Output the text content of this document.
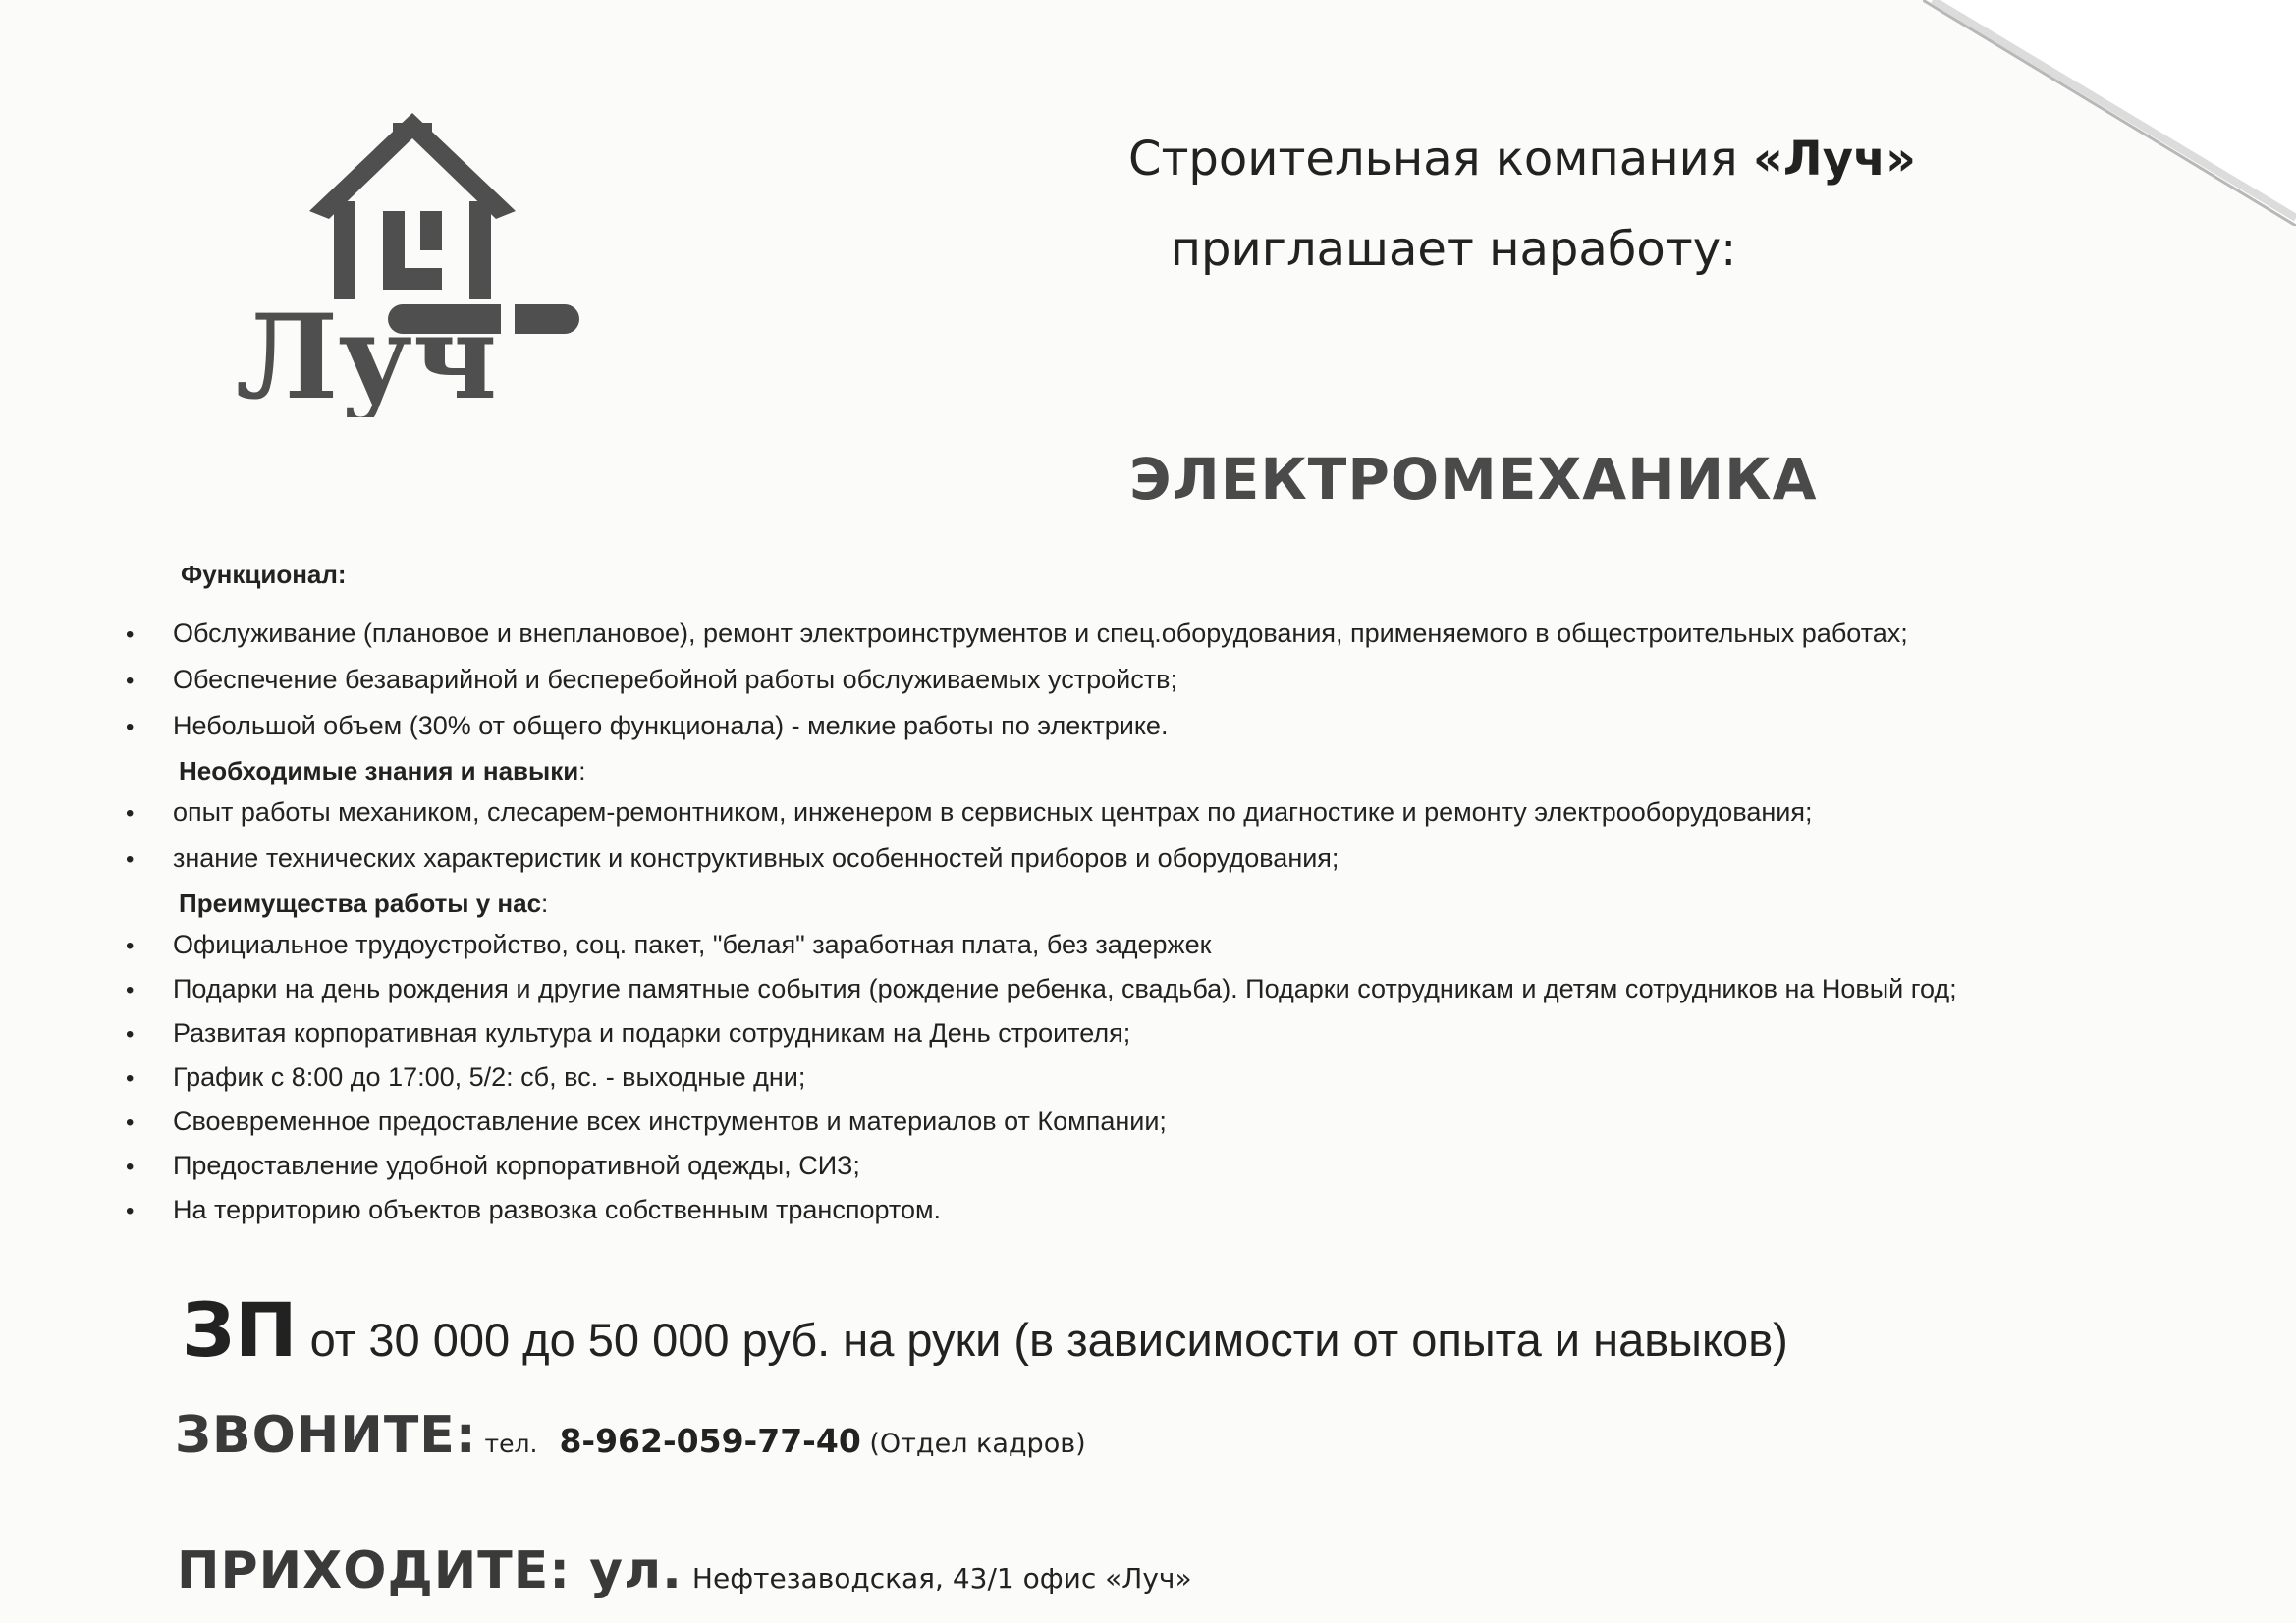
Луч
Строительная компания «Луч»
приглашает наработу:
ЭЛЕКТРОМЕХАНИКА
Функционал:
• Обслуживание (плановое и внеплановое), ремонт электроинструментов и спец.оборудования, применяемого в общестроительных работах;
• Обеспечение безаварийной и бесперебойной работы обслуживаемых устройств;
• Небольшой объем (30% от общего функционала) - мелкие работы по электрике.
Необходимые знания и навыки:
• опыт работы механиком, слесарем-ремонтником, инженером в сервисных центрах по диагностике и ремонту электрооборудования;
• знание технических характеристик и конструктивных особенностей приборов и оборудования;
Преимущества работы у нас:
• Официальное трудоустройство, соц. пакет, "белая" заработная плата, без задержек
• Подарки на день рождения и другие памятные события (рождение ребенка, свадьба). Подарки сотрудникам и детям сотрудников на Новый год;
• Развитая корпоративная культура и подарки сотрудникам на День строителя;
• График с 8:00 до 17:00, 5/2: сб, вс. - выходные дни;
• Своевременное предоставление всех инструментов и материалов от Компании;
• Предоставление удобной корпоративной одежды, СИЗ;
• На территорию объектов развозка собственным транспортом.
ЗП от 30 000 до 50 000 руб. на руки (в зависимости от опыта и навыков)
ЗВОНИТЕ: тел. 8-962-059-77-40 (Отдел кадров)
ПРИХОДИТЕ: ул. Нефтезаводская, 43/1 офис «Луч»
